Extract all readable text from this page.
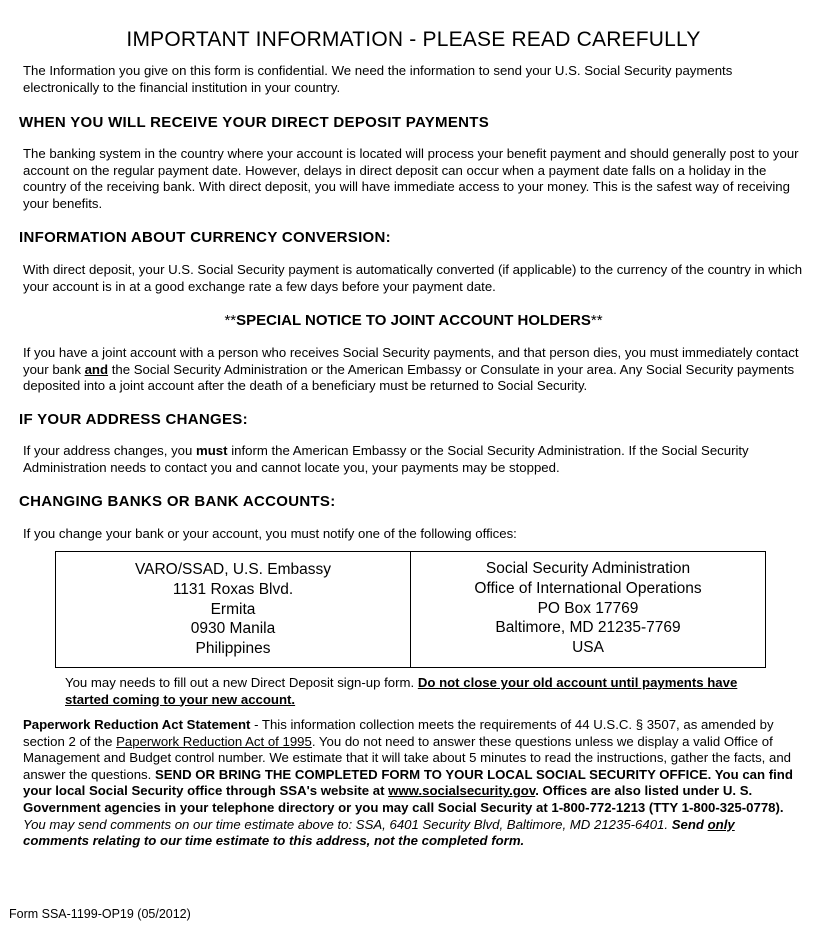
IMPORTANT INFORMATION - PLEASE READ CAREFULLY

The Information you give on this form is confidential. We need the information to send your U.S. Social Security payments electronically to the financial institution in your country.

WHEN YOU WILL RECEIVE YOUR DIRECT DEPOSIT PAYMENTS

The banking system in the country where your account is located will process your benefit payment and should generally post to your account on the regular payment date. However, delays in direct deposit can occur when a payment date falls on a holiday in the country of the receiving bank. With direct deposit, you will have immediate access to your money. This is the safest way of receiving your benefits.

INFORMATION ABOUT CURRENCY CONVERSION:

With direct deposit, your U.S. Social Security payment is automatically converted (if applicable) to the currency of the country in which your account is in at a good exchange rate a few days before your payment date.

**SPECIAL NOTICE TO JOINT ACCOUNT HOLDERS**

If you have a joint account with a person who receives Social Security payments, and that person dies, you must immediately contact your bank and the Social Security Administration or the American Embassy or Consulate in your area. Any Social Security payments deposited into a joint account after the death of a beneficiary must be returned to Social Security.

IF YOUR ADDRESS CHANGES:

If your address changes, you must inform the American Embassy or the Social Security Administration. If the Social Security Administration needs to contact you and cannot locate you, your payments may be stopped.

CHANGING BANKS OR BANK ACCOUNTS:

If you change your bank or your account, you must notify one of the following offices:

VARO/SSAD, U.S. Embassy
1131 Roxas Blvd.
Ermita
0930 Manila
Philippines

Social Security Administration
Office of International Operations
PO Box 17769
Baltimore, MD 21235-7769
USA

You may needs to fill out a new Direct Deposit sign-up form. Do not close your old account until payments have started coming to your new account.

Paperwork Reduction Act Statement - This information collection meets the requirements of 44 U.S.C. § 3507, as amended by section 2 of the Paperwork Reduction Act of 1995. You do not need to answer these questions unless we display a valid Office of Management and Budget control number. We estimate that it will take about 5 minutes to read the instructions, gather the facts, and answer the questions. SEND OR BRING THE COMPLETED FORM TO YOUR LOCAL SOCIAL SECURITY OFFICE. You can find your local Social Security office through SSA's website at www.socialsecurity.gov. Offices are also listed under U. S. Government agencies in your telephone directory or you may call Social Security at 1-800-772-1213 (TTY 1-800-325-0778). You may send comments on our time estimate above to: SSA, 6401 Security Blvd, Baltimore, MD 21235-6401. Send only comments relating to our time estimate to this address, not the completed form.

Form SSA-1199-OP19 (05/2012)
